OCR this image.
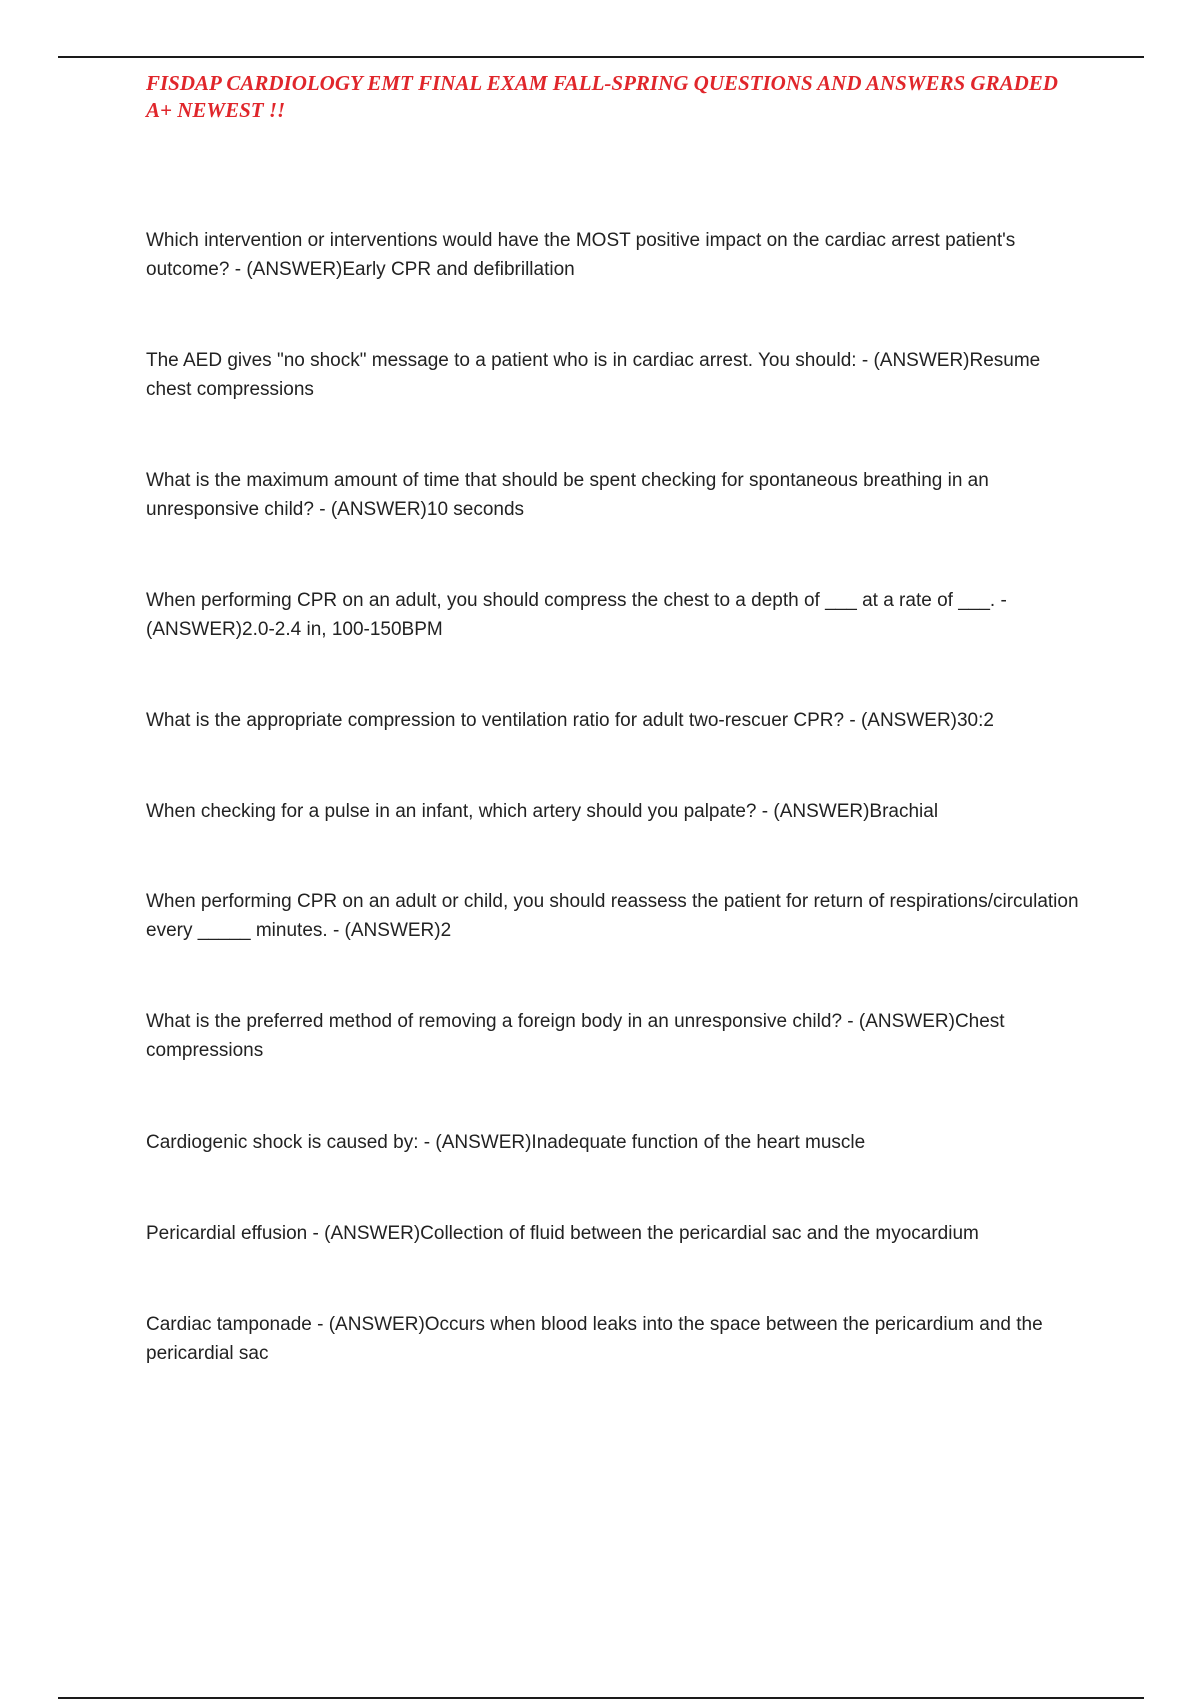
FISDAP CARDIOLOGY EMT FINAL EXAM FALL-SPRING QUESTIONS AND ANSWERS GRADED A+ NEWEST !!
Which intervention or interventions would have the MOST positive impact on the cardiac arrest patient's outcome? - (ANSWER)Early CPR and defibrillation
The AED gives "no shock" message to a patient who is in cardiac arrest. You should: - (ANSWER)Resume chest compressions
What is the maximum amount of time that should be spent checking for spontaneous breathing in an unresponsive child? - (ANSWER)10 seconds
When performing CPR on an adult, you should compress the chest to a depth of ___ at a rate of ___. - (ANSWER)2.0-2.4 in, 100-150BPM
What is the appropriate compression to ventilation ratio for adult two-rescuer CPR? - (ANSWER)30:2
When checking for a pulse in an infant, which artery should you palpate? - (ANSWER)Brachial
When performing CPR on an adult or child, you should reassess the patient for return of respirations/circulation every _____ minutes. - (ANSWER)2
What is the preferred method of removing a foreign body in an unresponsive child? - (ANSWER)Chest compressions
Cardiogenic shock is caused by: - (ANSWER)Inadequate function of the heart muscle
Pericardial effusion - (ANSWER)Collection of fluid between the pericardial sac and the myocardium
Cardiac tamponade - (ANSWER)Occurs when blood leaks into the space between the pericardium and the pericardial sac
